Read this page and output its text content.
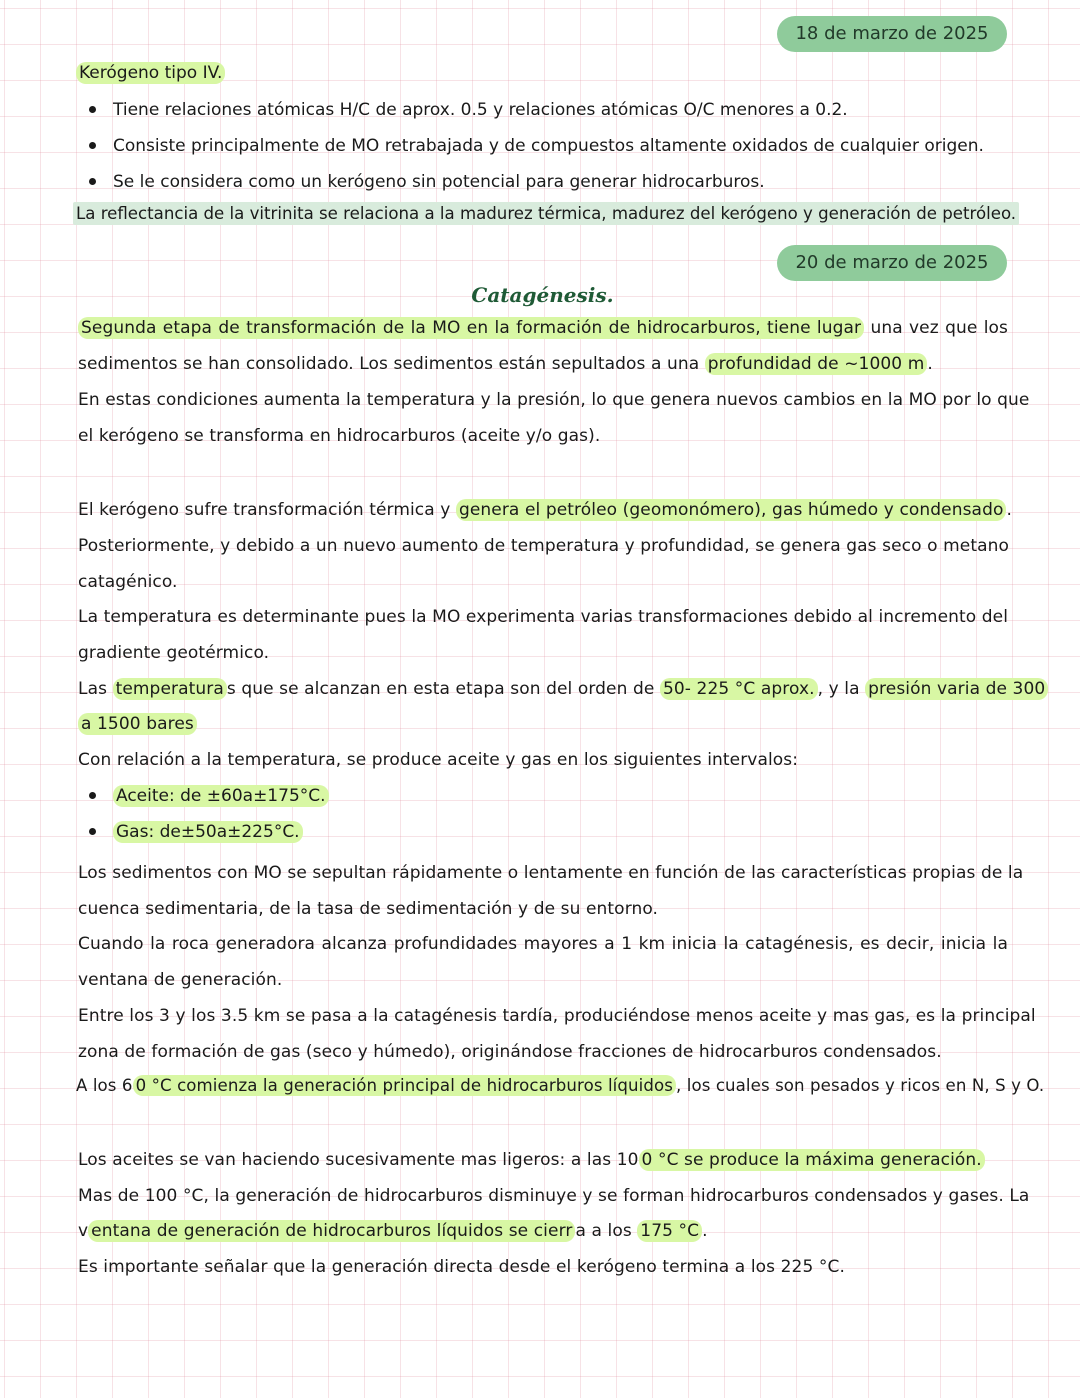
18 de marzo de 2025
Kerógeno tipo IV.
Tiene relaciones atómicas H/C de aprox. 0.5 y relaciones atómicas O/C menores a 0.2.
Consiste principalmente de MO retrabajada y de compuestos altamente oxidados de cualquier origen.
Se le considera como un kerógeno sin potencial para generar hidrocarburos.
La reflectancia de la vitrinita se relaciona a la madurez térmica, madurez del kerógeno y generación de petróleo.
20 de marzo de 2025
Catagénesis.
Segunda etapa de transformación de la MO en la formación de hidrocarburos, tiene lugar una vez que los
sedimentos se han consolidado. Los sedimentos están sepultados a una profundidad de ~1000 m .
En estas condiciones aumenta la temperatura y la presión, lo que genera nuevos cambios en la MO por lo que
el kerógeno se transforma en hidrocarburos (aceite y/o gas).
El kerógeno sufre transformación térmica y genera el petróleo (geomonómero), gas húmedo y condensado .
Posteriormente, y debido a un nuevo aumento de temperatura y profundidad, se genera gas seco o metano
catagénico.
La temperatura es determinante pues la MO experimenta varias transformaciones debido al incremento del
gradiente geotérmico.
Las temperatura s que se alcanzan en esta etapa son del orden de 50- 225 °C aprox. , y la presión varia de 300
a 1500 bares
Con relación a la temperatura, se produce aceite y gas en los siguientes intervalos:
Aceite: de ±60a±175°C.
Gas: de±50a±225°C.
Los sedimentos con MO se sepultan rápidamente o lentamente en función de las características propias de la
cuenca sedimentaria, de la tasa de sedimentación y de su entorno.
Cuando la roca generadora alcanza profundidades mayores a 1 km inicia la catagénesis, es decir, inicia la
ventana de generación.
Entre los 3 y los 3.5 km se pasa a la catagénesis tardía, produciéndose menos aceite y mas gas, es la principal
zona de formación de gas (seco y húmedo), originándose fracciones de hidrocarburos condensados.
A los 6 0 °C comienza la generación principal de hidrocarburos líquidos , los cuales son pesados y ricos en N, S y O.
Los aceites se van haciendo sucesivamente mas ligeros: a las 10 0 °C se produce la máxima generación.
Mas de 100 °C, la generación de hidrocarburos disminuye y se forman hidrocarburos condensados y gases. La
v entana de generación de hidrocarburos líquidos se cierr a a los 175 °C .
Es importante señalar que la generación directa desde el kerógeno termina a los 225 °C.
